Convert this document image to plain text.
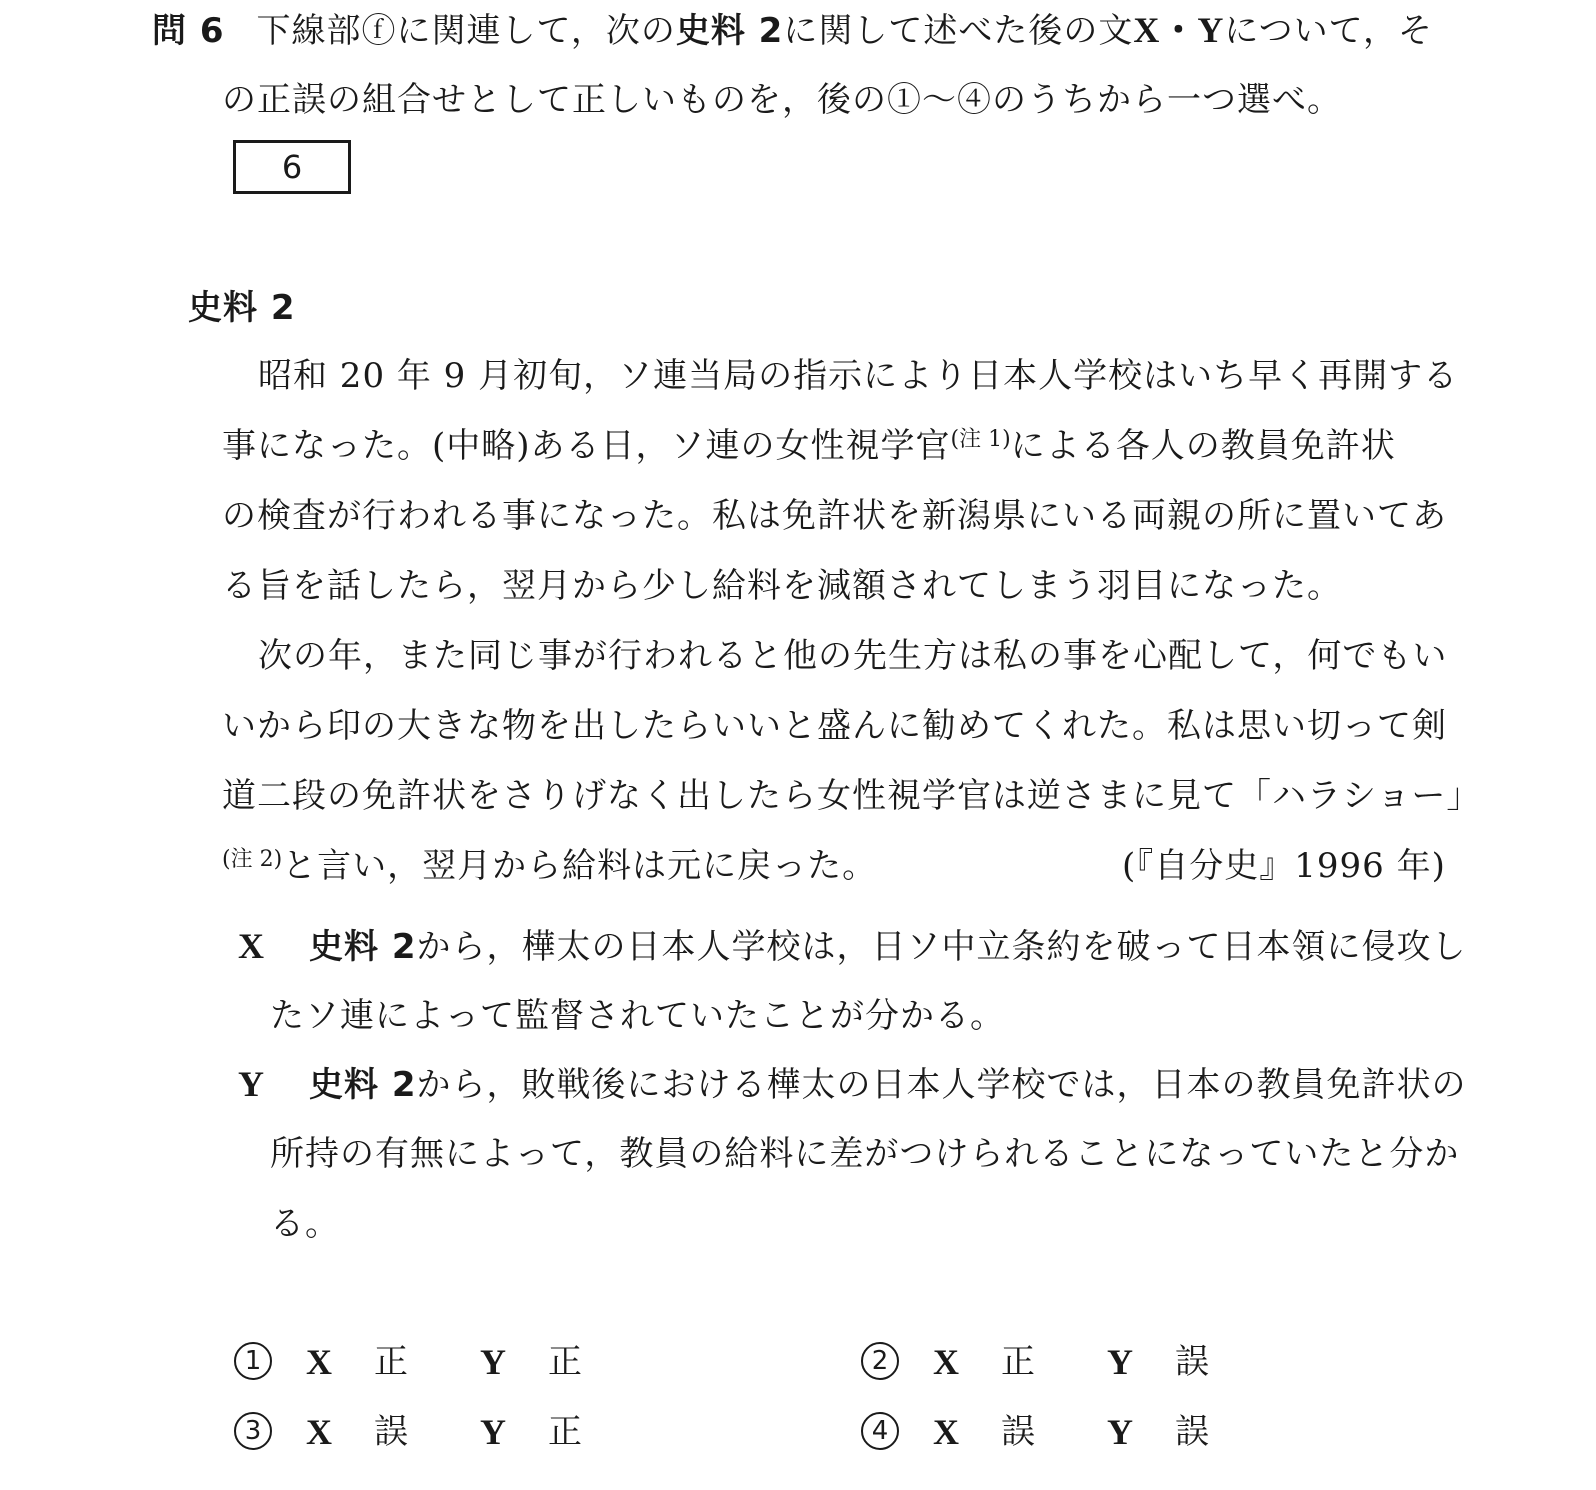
問 6 下線部ⓕに関連して，次の史料 2に関して述べた後の文X・Yについて，そ
の正誤の組合せとして正しいものを，後の①～④のうちから一つ選べ。
6
史料 2
昭和 20 年 9 月初旬，ソ連当局の指示により日本人学校はいち早く再開する
事になった。(中略)ある日，ソ連の女性視学官$^{(注 1)}$による各人の教員免許状
の検査が行われる事になった。私は免許状を新潟県にいる両親の所に置いてあ
る旨を話したら，翌月から少し給料を減額されてしまう羽目になった。
次の年，また同じ事が行われると他の先生方は私の事を心配して，何でもい
いから印の大きな物を出したらいいと盛んに勧めてくれた。私は思い切って剣
道二段の免許状をさりげなく出したら女性視学官は逆さまに見て「ハラショー」
$^{(注 2)}$と言い，翌月から給料は元に戻った。	(『自分史』1996 年)
X 史料 2から，樺太の日本人学校は，日ソ中立条約を破って日本領に侵攻し
たソ連によって監督されていたことが分かる。
Y 史料 2から，敗戦後における樺太の日本人学校では，日本の教員免許状の
所持の有無によって，教員の給料に差がつけられることになっていたと分か
る。
1 X 正 Y 正	2 X 正 Y 誤
3 X 誤 Y 正	4 X 誤 Y 誤
